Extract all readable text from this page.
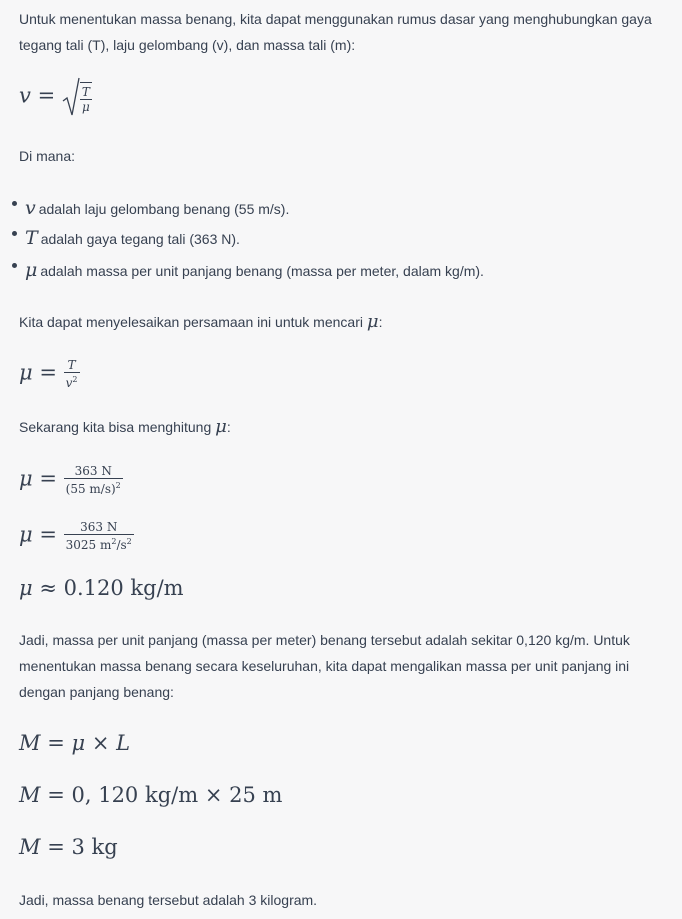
Untuk menentukan massa benang, kita dapat menggunakan rumus dasar yang menghubungkan gaya tegang tali (T), laju gelombang (v), dan massa tali (m):
$v = \frac{T}{\mu}$
Di mana:
v adalah laju gelombang benang (55 m/s).
T adalah gaya tegang tali (363 N).
μ adalah massa per unit panjang benang (massa per meter, dalam kg/m).
Kita dapat menyelesaikan persamaan ini untuk mencari μ:
$\mu = \frac{T}{v^2}$
Sekarang kita bisa menghitung μ:
$\mu = \frac{363 N}{(55 m/s)^2}$
$\mu = \frac{363 N}{3025 m^2/s^2}$
μ ≈ 0.120 kg/m
Jadi, massa per unit panjang (massa per meter) benang tersebut adalah sekitar 0,120 kg/m. Untuk menentukan massa benang secara keseluruhan, kita dapat mengalikan massa per unit panjang ini dengan panjang benang:
M = μ × L
M = 0, 120 kg/m × 25 m
M = 3 kg
Jadi, massa benang tersebut adalah 3 kilogram.
